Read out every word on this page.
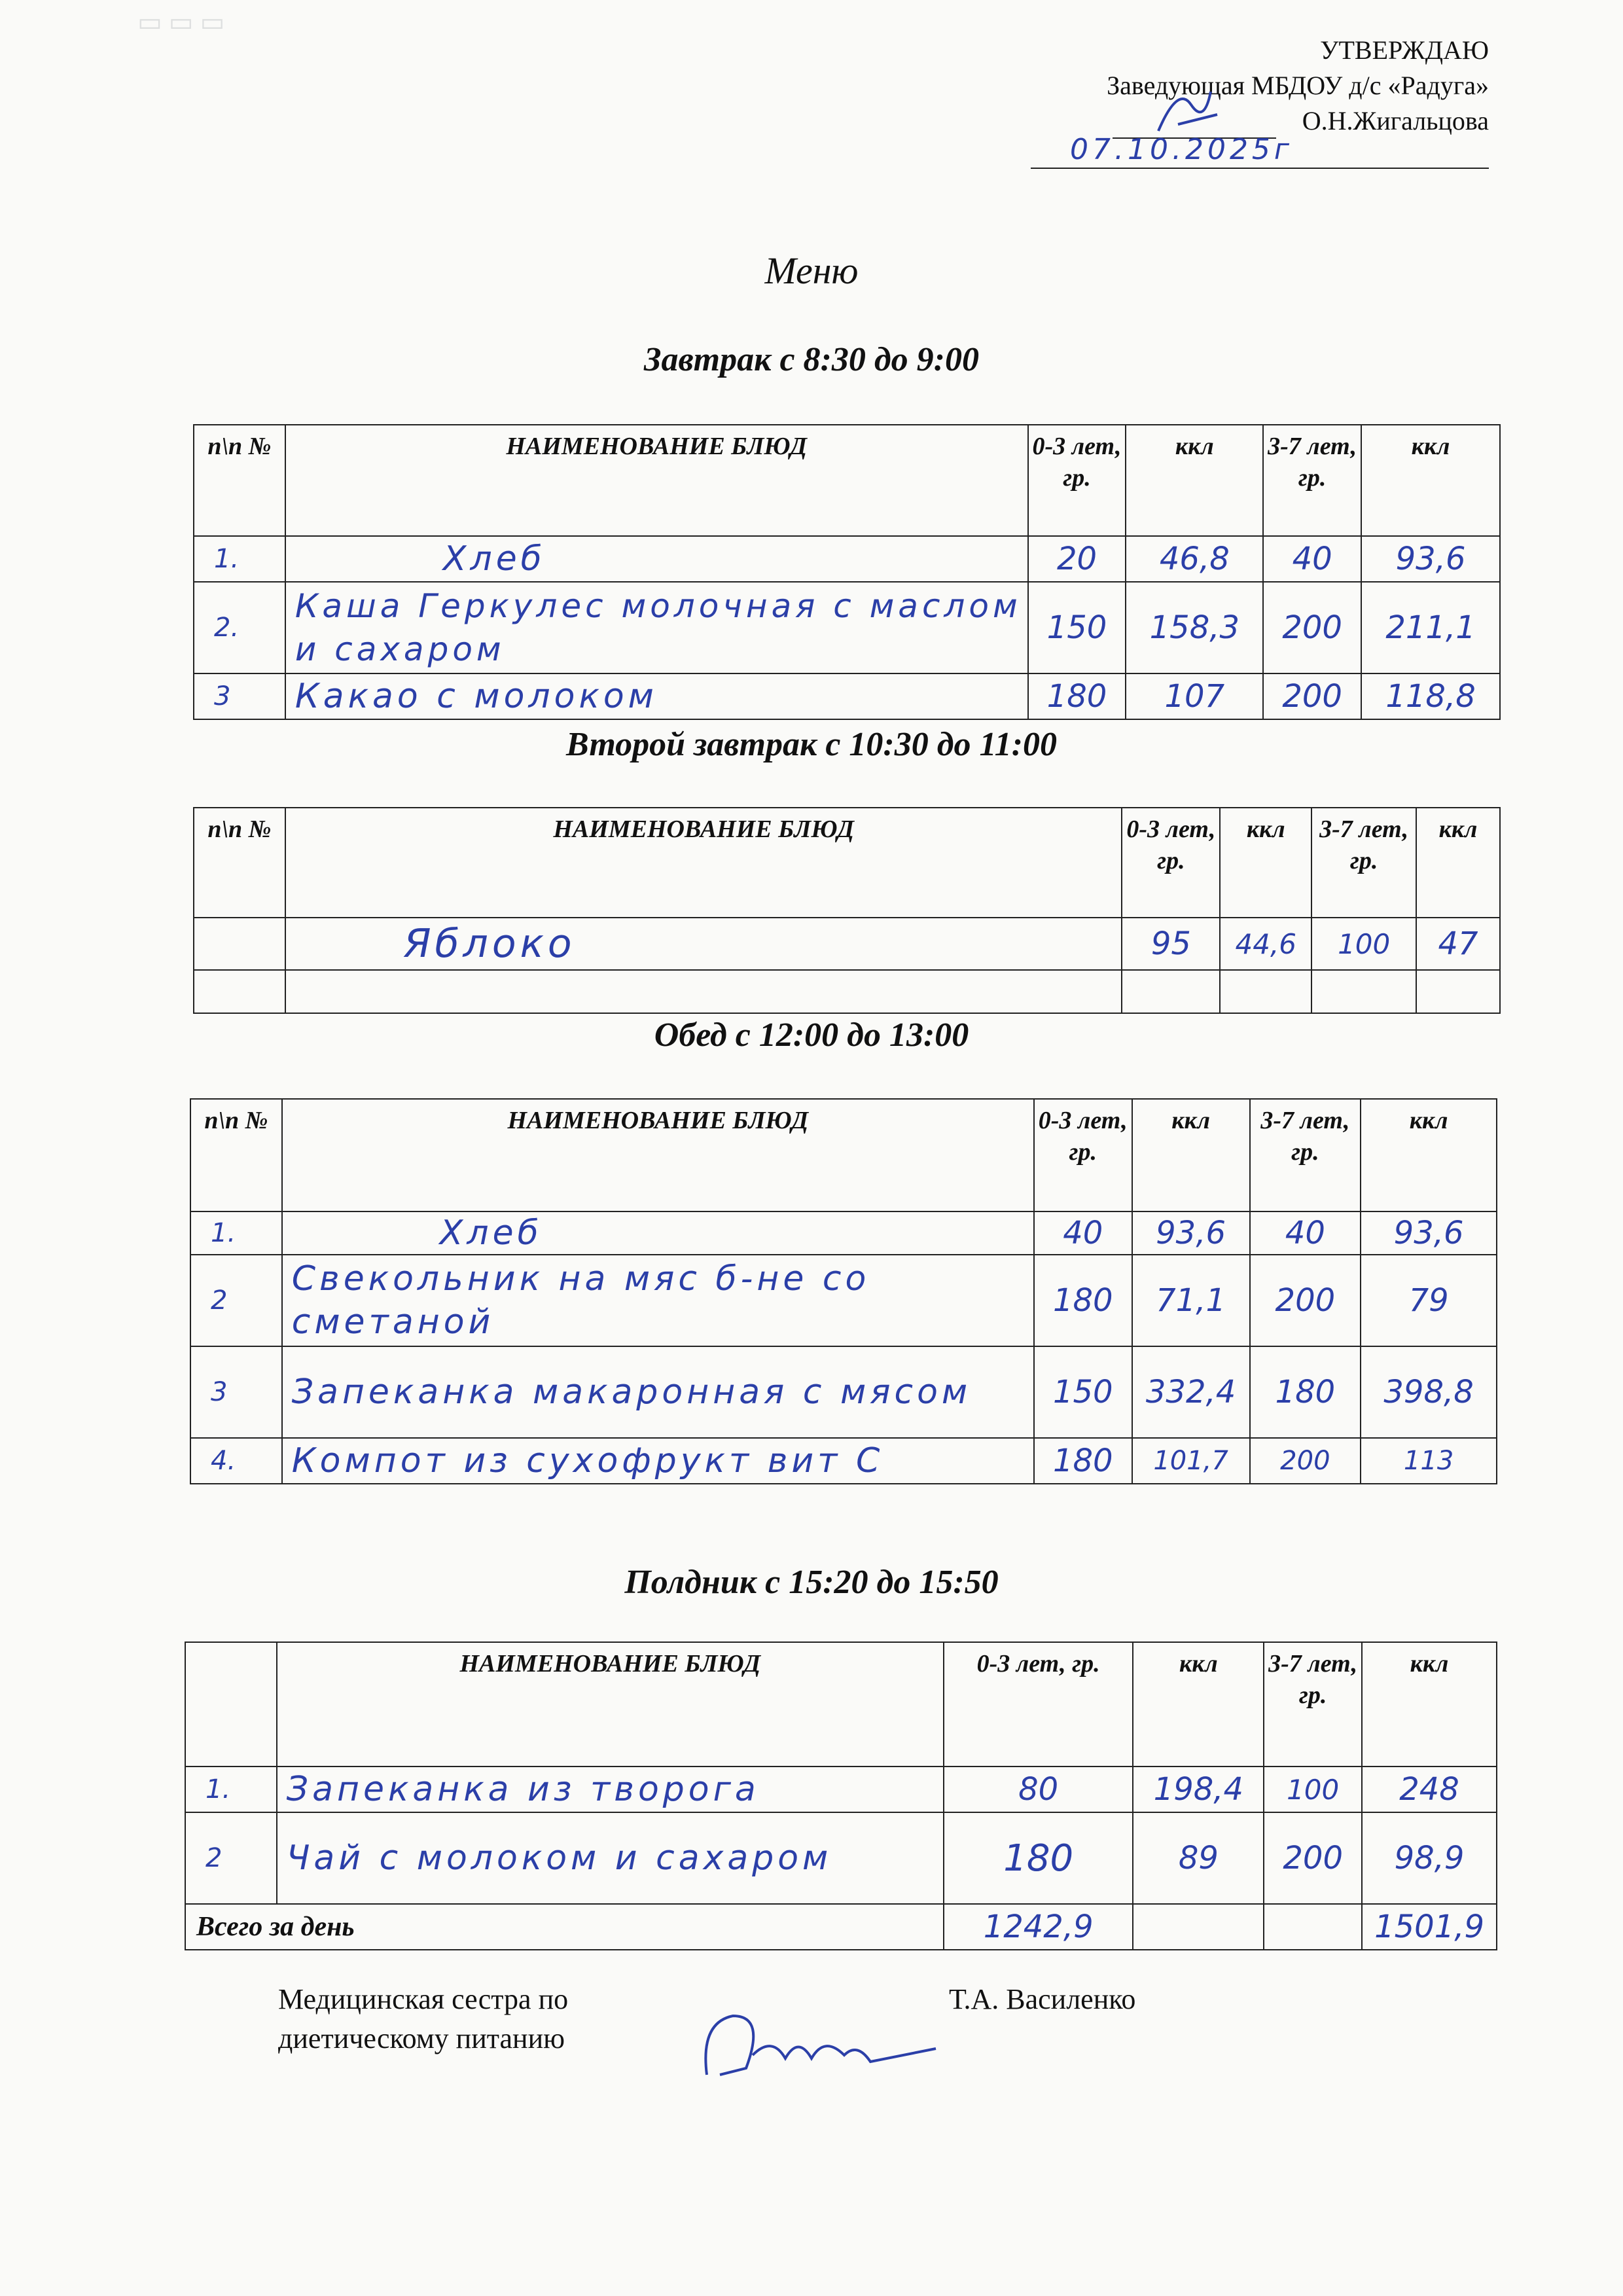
▭ ▭ ▭
УТВЕРЖДАЮ
Заведующая МБДОУ д/с «Радуга»
О.Н.Жигальцова
07.10.2025г
Меню
Завтрак с 8:30 до 9:00
n\n №	НАИМЕНОВАНИЕ БЛЮД	0-3 лет, гр.	ккл	3-7 лет, гр.	ккл
1.	Хлеб	20	46,8	40	93,6
2.	Каша Геркулес молочная с маслом и сахаром	150	158,3	200	211,1
3	Какао с молоком	180	107	200	118,8
Второй завтрак с 10:30 до 11:00
n\n №	НАИМЕНОВАНИЕ БЛЮД	0-3 лет, гр.	ккл	3-7 лет, гр.	ккл
	Яблоко	95	44,6	100	47

Обед с 12:00 до 13:00
n\n №	НАИМЕНОВАНИЕ БЛЮД	0-3 лет, гр.	ккл	3-7 лет, гр.	ккл
1.	Хлеб	40	93,6	40	93,6
2	Свекольник на мяс б-не со сметаной	180	71,1	200	79
3	Запеканка макаронная с мясом	150	332,4	180	398,8
4.	Компот из сухофрукт вит С	180	101,7	200	113
Полдник с 15:20 до 15:50
	НАИМЕНОВАНИЕ БЛЮД	0-3 лет, гр.	ккл	3-7 лет, гр.	ккл
1.	Запеканка из творога	80	198,4	100	248
2	Чай с молоком и сахаром	180	89	200	98,9
Всего за день		1242,9			1501,9
Медицинская сестра по
диетическому питанию
Т.А. Василенко
